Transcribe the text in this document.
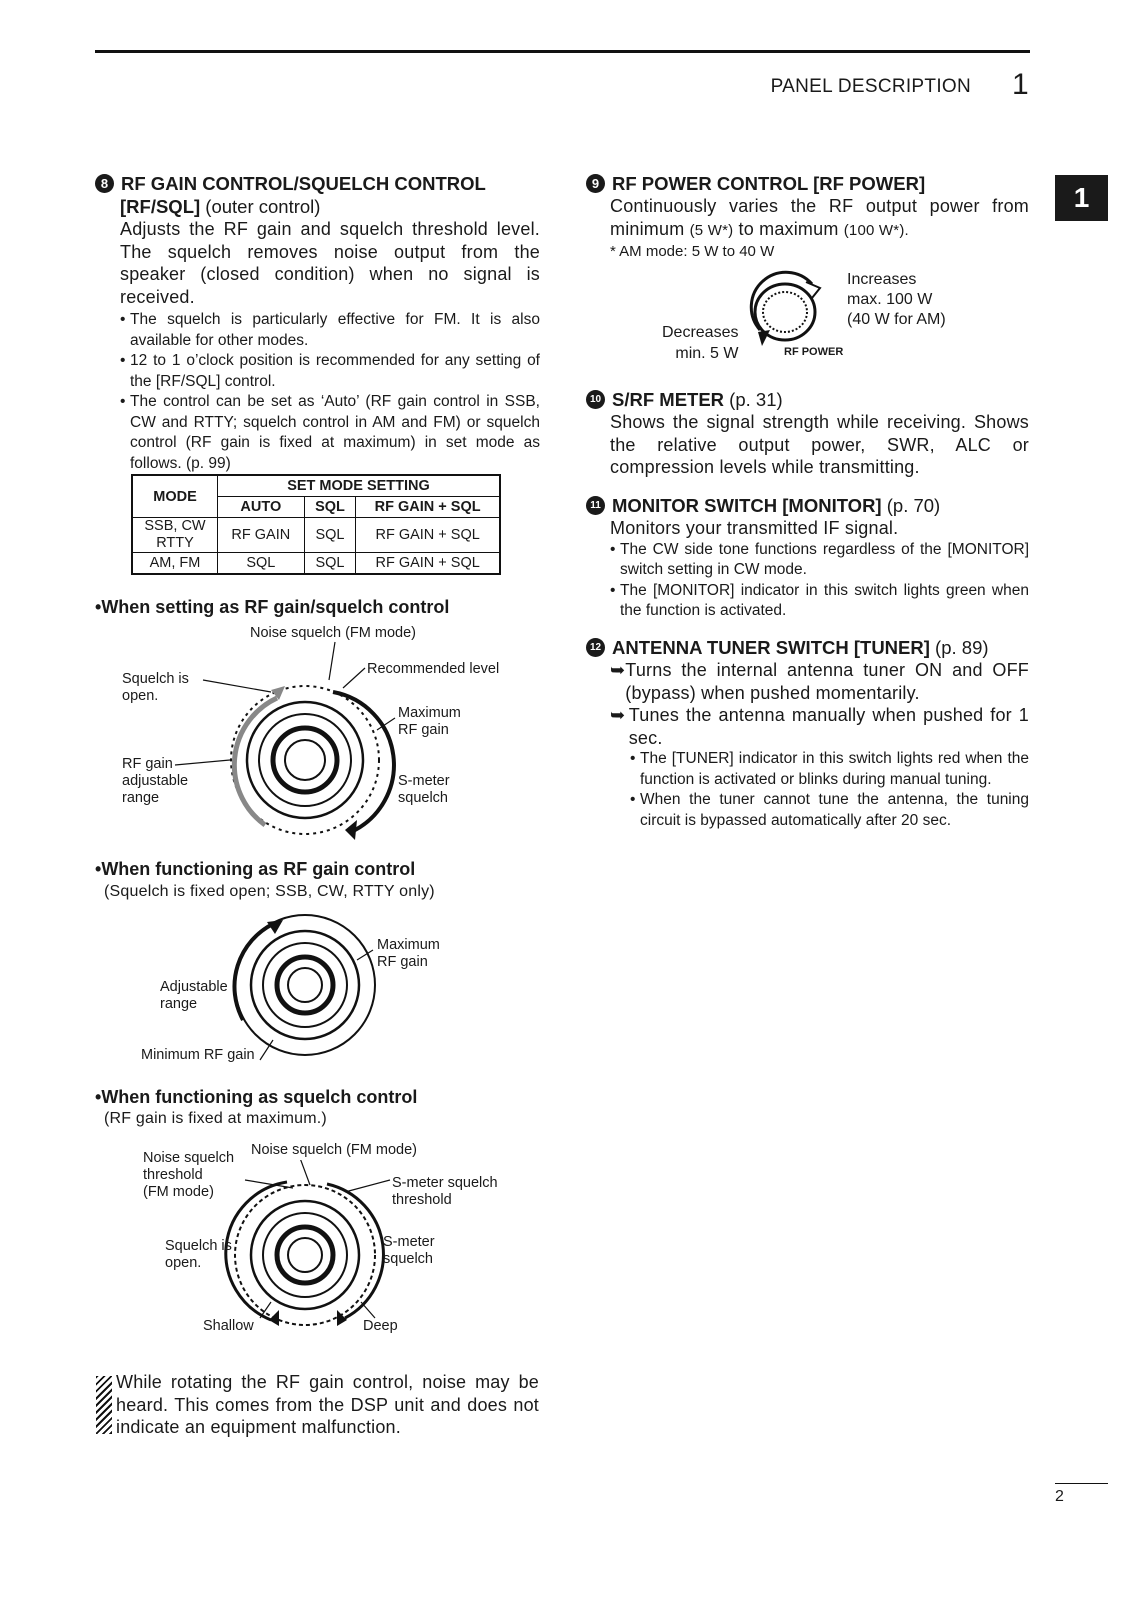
PANEL DESCRIPTION 1
1
8 RF GAIN CONTROL/SQUELCH CONTROL
[RF/SQL] (outer control)
Adjusts the RF gain and squelch threshold level. The squelch removes noise output from the speaker (closed condition) when no signal is received.
• The squelch is particularly effective for FM. It is also available for other modes.
• 12 to 1 o’clock position is recommended for any setting of the [RF/SQL] control.
• The control can be set as ‘Auto’ (RF gain control in SSB, CW and RTTY; squelch control in AM and FM) or squelch control (RF gain is fixed at maximum) in set mode as follows. (p. 99)
MODE	SET MODE SETTING		
	AUTO	SQL	RF GAIN + SQL
SSB, CW
RTTY	RF GAIN	SQL	RF GAIN + SQL
AM, FM	SQL	SQL	RF GAIN + SQL
•When setting as RF gain/squelch control
Noise squelch (FM mode)
Recommended level
Squelch is
open.
Maximum
RF gain
RF gain
adjustable
range
S-meter
squelch
•When functioning as RF gain control
(Squelch is fixed open; SSB, CW, RTTY only)
Maximum
RF gain
Adjustable
range
Minimum RF gain
•When functioning as squelch control
(RF gain is fixed at maximum.)
Noise squelch
threshold
(FM mode)
Noise squelch (FM mode)
S-meter squelch
threshold
Squelch is
open.
S-meter
squelch
Shallow	Deep
While rotating the RF gain control, noise may be heard. This comes from the DSP unit and does not indicate an equipment malfunction.
9 RF POWER CONTROL [RF POWER]
Continuously varies the RF output power from minimum (5 W*) to maximum (100 W*).
* AM mode: 5 W to 40 W
Increases
max. 100 W
(40 W for AM)
Decreases
min. 5 W	RF POWER
10 S/RF METER (p. 31)
Shows the signal strength while receiving. Shows the relative output power, SWR, ALC or compression levels while transmitting.
11 MONITOR SWITCH [MONITOR] (p. 70)
Monitors your transmitted IF signal.
• The CW side tone functions regardless of the [MONITOR] switch setting in CW mode.
• The [MONITOR] indicator in this switch lights green when the function is activated.
12 ANTENNA TUNER SWITCH [TUNER] (p. 89)
➥ Turns the internal antenna tuner ON and OFF (bypass) when pushed momentarily.
➥ Tunes the antenna manually when pushed for 1 sec.
• The [TUNER] indicator in this switch lights red when the function is activated or blinks during manual tuning.
• When the tuner cannot tune the antenna, the tuning circuit is bypassed automatically after 20 sec.
2
